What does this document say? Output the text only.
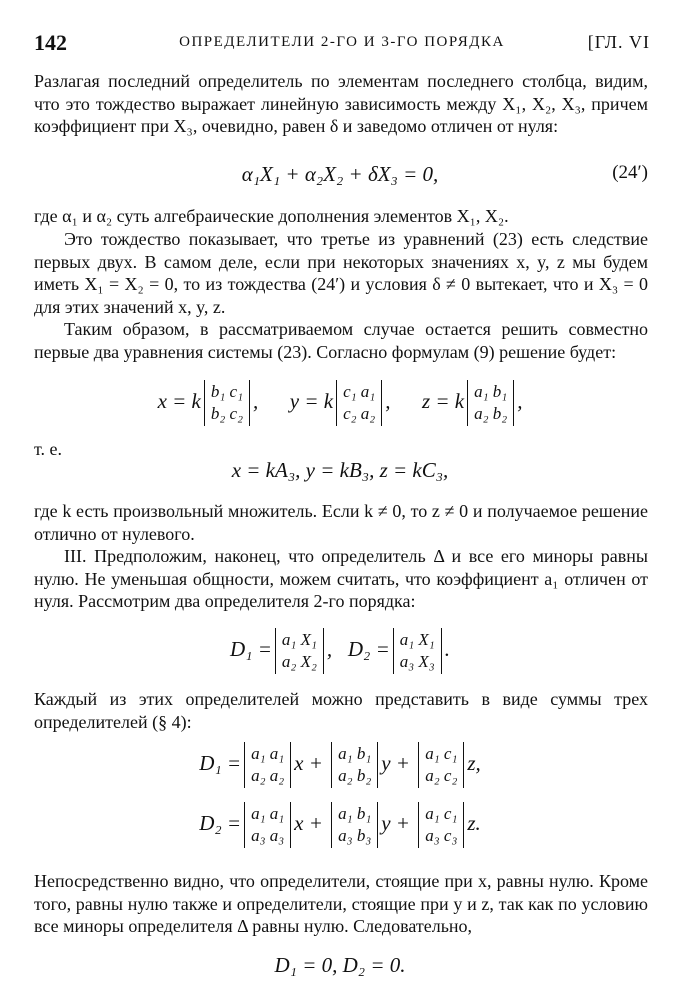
142	ОПРЕДЕЛИТЕЛИ 2-ГО И 3-ГО ПОРЯДКА	[ГЛ. VI

Разлагая последний определитель по элементам последнего столбца, видим, что это тождество выражает линейную зависимость между X₁, X₂, X₃, причем коэффициент при X₃, очевидно, равен δ и заведомо отличен от нуля:

α₁X₁ + α₂X₂ + δX₃ = 0,	(24′)

где α₁ и α₂ суть алгебраические дополнения элементов X₁, X₂.

Это тождество показывает, что третье из уравнений (23) есть следствие первых двух. В самом деле, если при некоторых значениях x, y, z мы будем иметь X₁ = X₂ = 0, то из тождества (24′) и условия δ ≠ 0 вытекает, что и X₃ = 0 для этих значений x, y, z.

Таким образом, в рассматриваемом случае остается решить совместно первые два уравнения системы (23). Согласно формулам (9) решение будет:

x = k b₁ c₁
b₂ c₂
,      y = k c₁ a₁
c₂ a₂
,      z = k a₁ b₁
a₂ b₂
,

т. е.

x = kA₃, y = kB₃, z = kC₃,

где k есть произвольный множитель. Если k ≠ 0, то z ≠ 0 и получаемое решение отлично от нулевого.

III. Предположим, наконец, что определитель Δ и все его миноры равны нулю. Не уменьшая общности, можем считать, что коэффициент a₁ отличен от нуля. Рассмотрим два определителя 2-го порядка:

D₁ = a₁ X₁
a₂ X₂
,   D₂ = a₁ X₁
a₃ X₃
.

Каждый из этих определителей можно представить в виде суммы трех определителей (§ 4):

D₁ = a₁ a₁
a₂ a₂
x + a₁ b₁
a₂ b₂
y + a₁ c₁
a₂ c₂
z,
D₂ = a₁ a₁
a₃ a₃
x + a₁ b₁
a₃ b₃
y + a₁ c₁
a₃ c₃
z.

Непосредственно видно, что определители, стоящие при x, равны нулю. Кроме того, равны нулю также и определители, стоящие при y и z, так как по условию все миноры определителя Δ равны нулю. Следовательно,

D₁ = 0, D₂ = 0.
